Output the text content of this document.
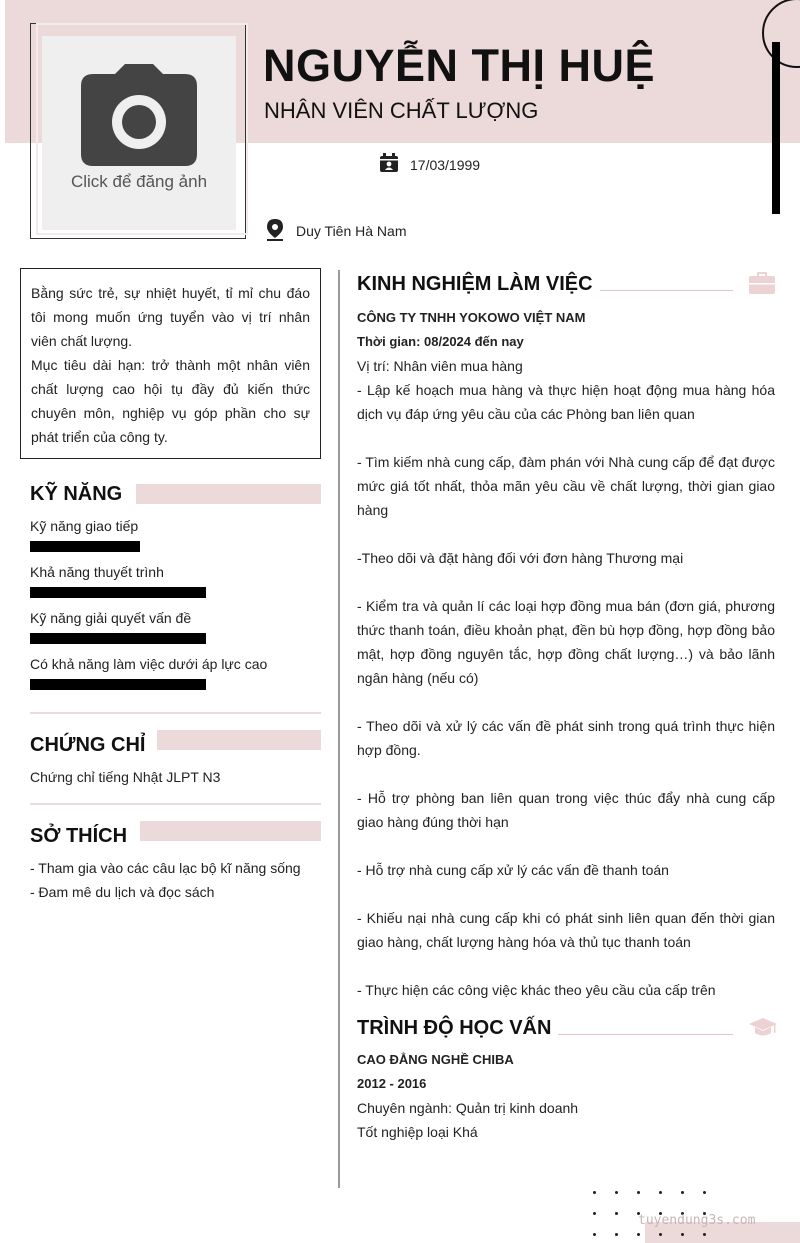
Click để đăng ảnh
NGUYỄN THỊ HUỆ
NHÂN VIÊN CHẤT LƯỢNG
17/03/1999
Duy Tiên Hà Nam

Bằng sức trẻ, sự nhiệt huyết, tỉ mỉ chu đáo tôi mong muốn ứng tuyển vào vị trí nhân viên chất lượng.

Mục tiêu dài hạn: trở thành một nhân viên chất lượng cao hội tụ đầy đủ kiến thức chuyên môn, nghiệp vụ góp phần cho sự phát triển của công ty.

KỸ NĂNG
Kỹ năng giao tiếp
Khả năng thuyết trình
Kỹ năng giải quyết vấn đề
Có khả năng làm việc dưới áp lực cao
CHỨNG CHỈ
Chứng chỉ tiếng Nhật JLPT N3
SỞ THÍCH
- Tham gia vào các câu lạc bộ kĩ năng sống
- Đam mê du lịch và đọc sách
KINH NGHIỆM LÀM VIỆC

CÔNG TY TNHH YOKOWO VIỆT NAM

Thời gian: 08/2024 đến nay

Vị trí: Nhân viên mua hàng

- Lập kế hoạch mua hàng và thực hiện hoạt động mua hàng hóa dịch vụ đáp ứng yêu cầu của các Phòng ban liên quan

- Tìm kiếm nhà cung cấp, đàm phán với Nhà cung cấp để đạt được mức giá tốt nhất, thỏa mãn yêu cầu về chất lượng, thời gian giao hàng

-Theo dõi và đặt hàng đối với đơn hàng Thương mại

- Kiểm tra và quản lí các loại hợp đồng mua bán (đơn giá, phương thức thanh toán, điều khoản phạt, đền bù hợp đồng, hợp đồng bảo mật, hợp đồng nguyên tắc, hợp đồng chất lượng…) và bảo lãnh ngân hàng (nếu có)

- Theo dõi và xử lý các vấn đề phát sinh trong quá trình thực hiện hợp đồng.

- Hỗ trợ phòng ban liên quan trong việc thúc đẩy nhà cung cấp giao hàng đúng thời hạn

- Hỗ trợ nhà cung cấp xử lý các vấn đề thanh toán

- Khiếu nại nhà cung cấp khi có phát sinh liên quan đến thời gian giao hàng, chất lượng hàng hóa và thủ tục thanh toán

- Thực hiện các công việc khác theo yêu cầu của cấp trên

TRÌNH ĐỘ HỌC VẤN

CAO ĐẲNG NGHỀ CHIBA

2012 - 2016

Chuyên ngành: Quản trị kinh doanh

Tốt nghiệp loại Khá

tuyendung3s.com
